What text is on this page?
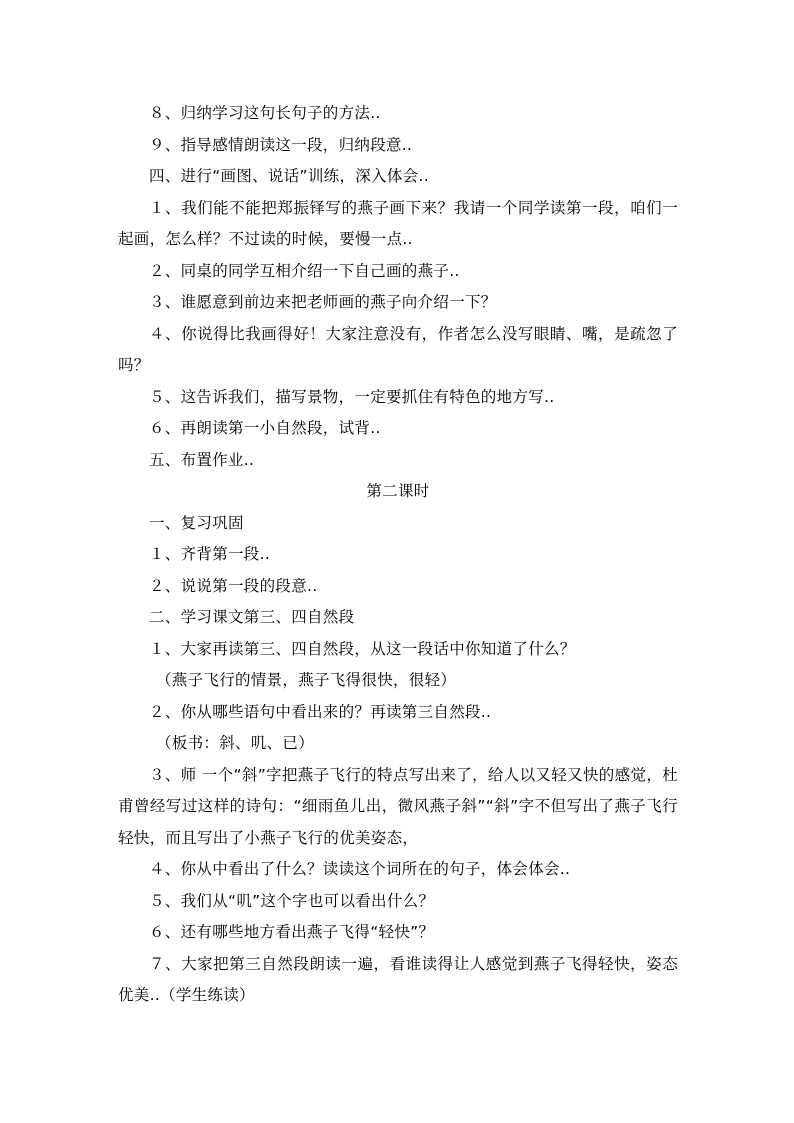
８、归纳学习这句长句子的方法..

９、指导感情朗读这一段，归纳段意..

四、进行“画图、说话”训练，深入体会..

１、我们能不能把郑振铎写的燕子画下来？我请一个同学读第一段，咱们一起画，怎么样？不过读的时候，要慢一点..

２、同桌的同学互相介绍一下自己画的燕子..

３、谁愿意到前边来把老师画的燕子向介绍一下？

４、你说得比我画得好！大家注意没有，作者怎么没写眼睛、嘴，是疏忽了吗？

５、这告诉我们，描写景物，一定要抓住有特色的地方写..

６、再朗读第一小自然段，试背..

五、布置作业..

第二课时

一、复习巩固

１、齐背第一段..

２、说说第一段的段意..

二、学习课文第三、四自然段

１、大家再读第三、四自然段，从这一段话中你知道了什么？

（燕子飞行的情景，燕子飞得很快，很轻）

２、你从哪些语句中看出来的？再读第三自然段..

（板书：斜、叽、已）

３、师 一个“斜”字把燕子飞行的特点写出来了，给人以又轻又快的感觉，杜甫曾经写过这样的诗句：“细雨鱼儿出，微风燕子斜”“斜”字不但写出了燕子飞行轻快，而且写出了小燕子飞行的优美姿态，

４、你从中看出了什么？读读这个词所在的句子，体会体会..

５、我们从“叽”这个字也可以看出什么？

６、还有哪些地方看出燕子飞得“轻快”？

７、大家把第三自然段朗读一遍，看谁读得让人感觉到燕子飞得轻快，姿态优美..（学生练读）
